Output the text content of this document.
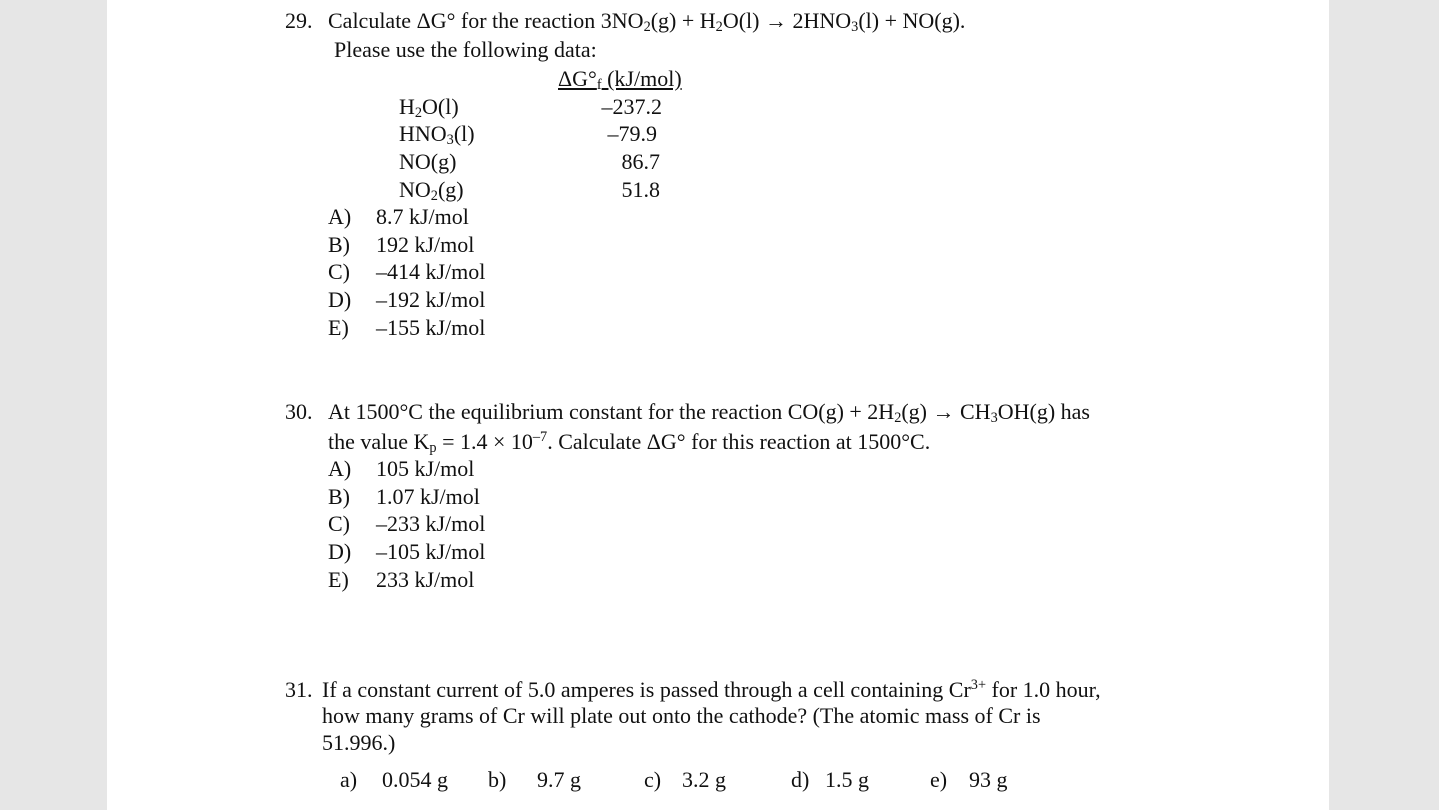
29. Calculate ΔG° for the reaction $3NO_2(g) + H_2O(l) \to 2HNO_3(l) + NO(g)$.
Please use the following data:
$\Delta G^\circ_f$ (kJ/mol)
$H_2O(l)$	–237.2
$HNO_3(l)$	–79.9
NO(g)	86.7
$NO_2(g)$	51.8
A) 8.7 kJ/mol
B) 192 kJ/mol
C) –414 kJ/mol
D) –192 kJ/mol
E) –155 kJ/mol
30. At 1500°C the equilibrium constant for the reaction $CO(g) + 2H_2(g) \to CH_3OH(g)$ has
the value $K_p = 1.4 \times 10^{-7}$. Calculate ΔG° for this reaction at 1500°C.
A) 105 kJ/mol
B) 1.07 kJ/mol
C) –233 kJ/mol
D) –105 kJ/mol
E) 233 kJ/mol
31. If a constant current of 5.0 amperes is passed through a cell containing $Cr^{3+}$ for 1.0 hour,
how many grams of Cr will plate out onto the cathode? (The atomic mass of Cr is
51.996.)
a) 0.054 g b) 9.7 g	c) 3.2 g	d) 1.5 g	e) 93 g
